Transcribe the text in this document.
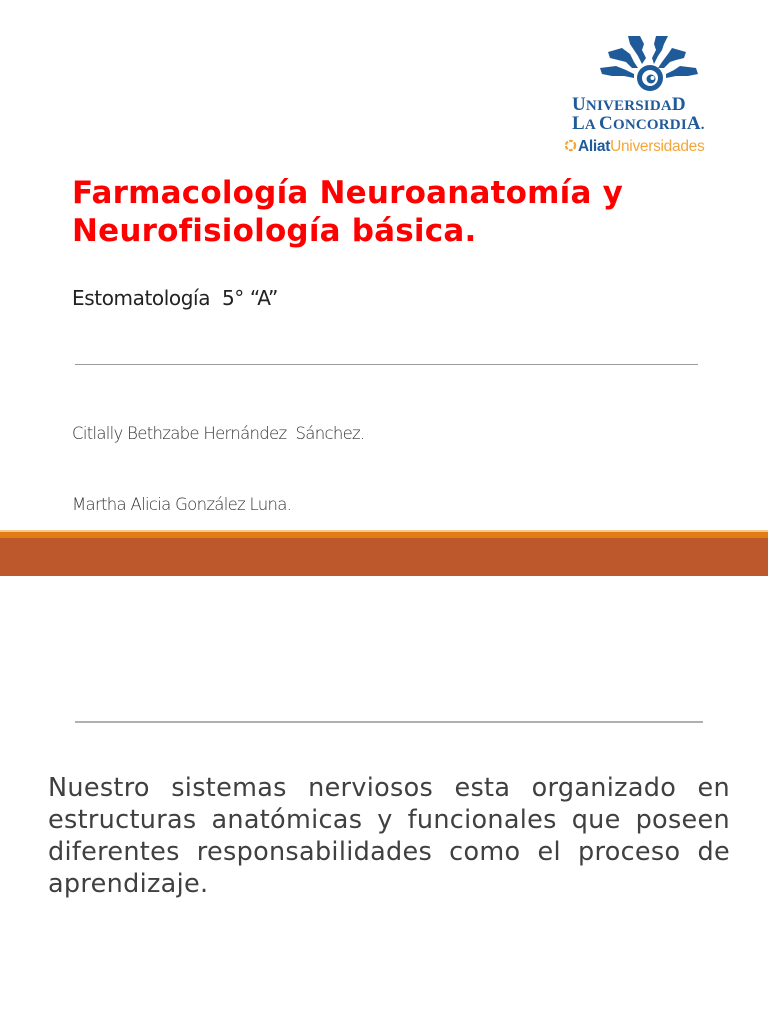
UNIVERSIDAD
LA CONCORDIA.
AliatUniversidades
Farmacología Neuroanatomía y Neurofisiología básica.

Estomatología  5° “A”

Citlally Bethzabe Hernández  Sánchez.

Martha Alicia González Luna.

Nuestro sistemas nerviosos esta organizado en estructuras anatómicas y funcionales que poseen diferentes responsabilidades como el proceso de aprendizaje.
